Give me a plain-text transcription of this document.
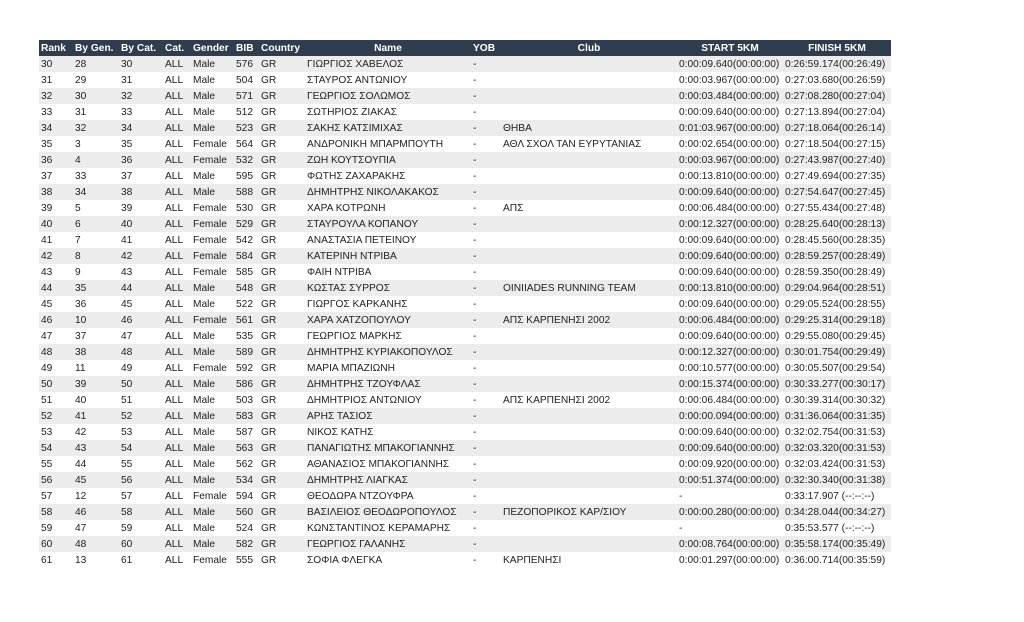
Rank	By Gen.	By Cat.	Cat.	Gender	BIB	Country	Name	YOB	Club	START 5KM	FINISH 5KM
30	28	30	ALL	Male	576	GR	ΓΙΩΡΓΙΟΣ ΧΑΒΕΛΟΣ	-		0:00:09.640(00:00:00)	0:26:59.174(00:26:49)
31	29	31	ALL	Male	504	GR	ΣΤΑΥΡΟΣ ΑΝΤΩΝΙΟΥ	-		0:00:03.967(00:00:00)	0:27:03.680(00:26:59)
32	30	32	ALL	Male	571	GR	ΓΕΩΡΓΙΟΣ ΣΟΛΩΜΟΣ	-		0:00:03.484(00:00:00)	0:27:08.280(00:27:04)
33	31	33	ALL	Male	512	GR	ΣΩΤΗΡΙΟΣ ΖΙΑΚΑΣ	-		0:00:09.640(00:00:00)	0:27:13.894(00:27:04)
34	32	34	ALL	Male	523	GR	ΣΑΚΗΣ ΚΑΤΣΙΜΙΧΑΣ	-	ΘΗΒΑ	0:01:03.967(00:00:00)	0:27:18.064(00:26:14)
35	3	35	ALL	Female	564	GR	ΑΝΔΡΟΝΙΚΗ ΜΠΑΡΜΠΟΥΤΗ	-	ΑΘΛ ΣΧΟΛ ΤΑΝ ΕΥΡΥΤΑΝΙΑΣ	0:00:02.654(00:00:00)	0:27:18.504(00:27:15)
36	4	36	ALL	Female	532	GR	ΖΩΗ ΚΟΥΤΣΟΥΠΙΑ	-		0:00:03.967(00:00:00)	0:27:43.987(00:27:40)
37	33	37	ALL	Male	595	GR	ΦΩΤΗΣ ΖΑΧΑΡΑΚΗΣ	-		0:00:13.810(00:00:00)	0:27:49.694(00:27:35)
38	34	38	ALL	Male	588	GR	ΔΗΜΗΤΡΗΣ ΝΙΚΟΛΑΚΑΚΟΣ	-		0:00:09.640(00:00:00)	0:27:54.647(00:27:45)
39	5	39	ALL	Female	530	GR	ΧΑΡΑ ΚΟΤΡΩΝΗ	-	ΑΠΣ	0:00:06.484(00:00:00)	0:27:55.434(00:27:48)
40	6	40	ALL	Female	529	GR	ΣΤΑΥΡΟΥΛΑ ΚΟΠΑΝΟΥ	-		0:00:12.327(00:00:00)	0:28:25.640(00:28:13)
41	7	41	ALL	Female	542	GR	ΑΝΑΣΤΑΣΙΑ ΠΕΤΕΙΝΟΥ	-		0:00:09.640(00:00:00)	0:28:45.560(00:28:35)
42	8	42	ALL	Female	584	GR	ΚΑΤΕΡΙΝΗ ΝΤΡΙΒΑ	-		0:00:09.640(00:00:00)	0:28:59.257(00:28:49)
43	9	43	ALL	Female	585	GR	ΦΑΙΗ ΝΤΡΙΒΑ	-		0:00:09.640(00:00:00)	0:28:59.350(00:28:49)
44	35	44	ALL	Male	548	GR	ΚΩΣΤΑΣ ΣΥΡΡΟΣ	-	OINIIADES RUNNING TEAM	0:00:13.810(00:00:00)	0:29:04.964(00:28:51)
45	36	45	ALL	Male	522	GR	ΓΙΩΡΓΟΣ ΚΑΡΚΑΝΗΣ	-		0:00:09.640(00:00:00)	0:29:05.524(00:28:55)
46	10	46	ALL	Female	561	GR	ΧΑΡΑ ΧΑΤΖΟΠΟΥΛΟΥ	-	ΑΠΣ ΚΑΡΠΕΝΗΣΙ 2002	0:00:06.484(00:00:00)	0:29:25.314(00:29:18)
47	37	47	ALL	Male	535	GR	ΓΕΩΡΓΙΟΣ ΜΑΡΚΗΣ	-		0:00:09.640(00:00:00)	0:29:55.080(00:29:45)
48	38	48	ALL	Male	589	GR	ΔΗΜΗΤΡΗΣ ΚΥΡΙΑΚΟΠΟΥΛΟΣ	-		0:00:12.327(00:00:00)	0:30:01.754(00:29:49)
49	11	49	ALL	Female	592	GR	ΜΑΡΙΑ ΜΠΑΖΙΩΝΗ	-		0:00:10.577(00:00:00)	0:30:05.507(00:29:54)
50	39	50	ALL	Male	586	GR	ΔΗΜΗΤΡΗΣ ΤΖΟΥΦΛΑΣ	-		0:00:15.374(00:00:00)	0:30:33.277(00:30:17)
51	40	51	ALL	Male	503	GR	ΔΗΜΗΤΡΙΟΣ ΑΝΤΩΝΙΟΥ	-	ΑΠΣ ΚΑΡΠΕΝΗΣΙ 2002	0:00:06.484(00:00:00)	0:30:39.314(00:30:32)
52	41	52	ALL	Male	583	GR	ΑΡΗΣ ΤΑΣΙΟΣ	-		0:00:00.094(00:00:00)	0:31:36.064(00:31:35)
53	42	53	ALL	Male	587	GR	ΝΙΚΟΣ ΚΑΤΗΣ	-		0:00:09.640(00:00:00)	0:32:02.754(00:31:53)
54	43	54	ALL	Male	563	GR	ΠΑΝΑΓΙΩΤΗΣ ΜΠΑΚΟΓΙΑΝΝΗΣ	-		0:00:09.640(00:00:00)	0:32:03.320(00:31:53)
55	44	55	ALL	Male	562	GR	ΑΘΑΝΑΣΙΟΣ ΜΠΑΚΟΓΙΑΝΝΗΣ	-		0:00:09.920(00:00:00)	0:32:03.424(00:31:53)
56	45	56	ALL	Male	534	GR	ΔΗΜΗΤΡΗΣ ΛΙΑΓΚΑΣ	-		0:00:51.374(00:00:00)	0:32:30.340(00:31:38)
57	12	57	ALL	Female	594	GR	ΘΕΟΔΩΡΑ ΝΤΖΟΥΦΡΑ	-		-	0:33:17.907 (--:--:--)
58	46	58	ALL	Male	560	GR	ΒΑΣΙΛΕΙΟΣ ΘΕΟΔΩΡΟΠΟΥΛΟΣ	-	ΠΕΖΟΠΟΡΙΚΟΣ ΚΑΡ/ΣΙΟΥ	0:00:00.280(00:00:00)	0:34:28.044(00:34:27)
59	47	59	ALL	Male	524	GR	ΚΩΝΣΤΑΝΤΙΝΟΣ ΚΕΡΑΜΑΡΗΣ	-		-	0:35:53.577 (--:--:--)
60	48	60	ALL	Male	582	GR	ΓΕΩΡΓΙΟΣ ΓΑΛΑΝΗΣ	-		0:00:08.764(00:00:00)	0:35:58.174(00:35:49)
61	13	61	ALL	Female	555	GR	ΣΟΦΙΑ ΦΛΕΓΚΑ	-	ΚΑΡΠΕΝΗΣΙ	0:00:01.297(00:00:00)	0:36:00.714(00:35:59)
